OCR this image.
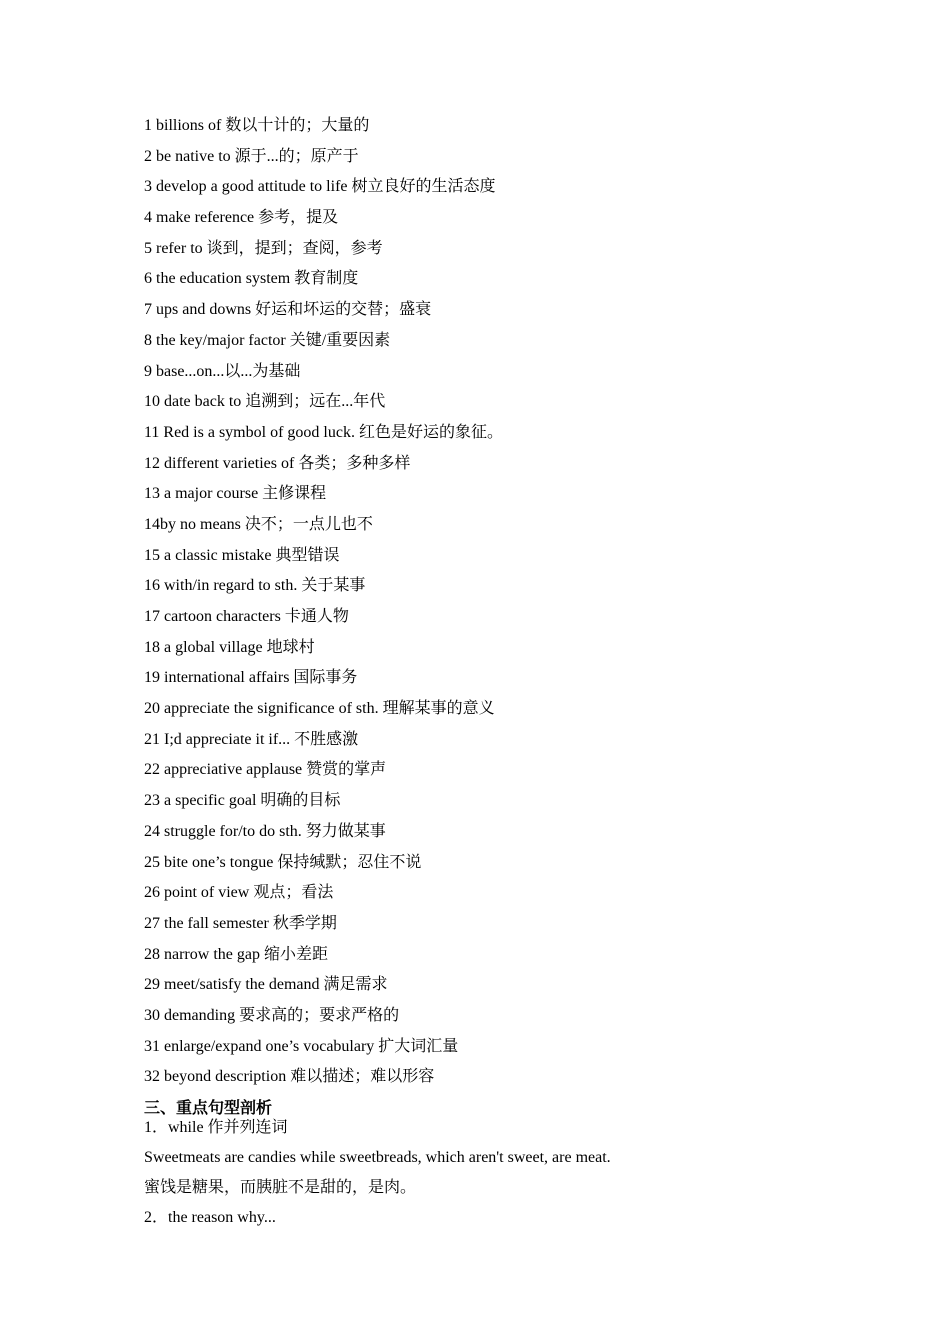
1 billions of 数以十计的；大量的
2 be native to 源于...的；原产于
3 develop a good attitude to life 树立良好的生活态度
4 make reference 参考，提及
5 refer to 谈到，提到；查阅，参考
6 the education system 教育制度
7 ups and downs 好运和坏运的交替；盛衰
8 the key/major factor 关键/重要因素
9 base...on...以...为基础
10 date back to 追溯到；远在...年代
11 Red is a symbol of good luck. 红色是好运的象征。
12 different varieties of 各类；多种多样
13 a major course 主修课程
14by no means 决不；一点儿也不
15 a classic mistake 典型错误
16 with/in regard to sth. 关于某事
17 cartoon characters 卡通人物
18 a global village 地球村
19 international affairs 国际事务
20 appreciate the significance of sth. 理解某事的意义
21 I;d appreciate it if... 不胜感激
22 appreciative applause 赞赏的掌声
23 a specific goal 明确的目标
24 struggle for/to do sth. 努力做某事
25 bite one’s tongue 保持缄默；忍住不说
26 point of view 观点；看法
27 the fall semester 秋季学期
28 narrow the gap 缩小差距
29 meet/satisfy the demand 满足需求
30 demanding 要求高的；要求严格的
31 enlarge/expand one’s vocabulary 扩大词汇量
32 beyond description 难以描述；难以形容
三、重点句型剖析
1．while 作并列连词
Sweetmeats are candies while sweetbreads, which aren't sweet, are meat.
蜜饯是糖果，而胰脏不是甜的，是肉。
2．the reason why...
